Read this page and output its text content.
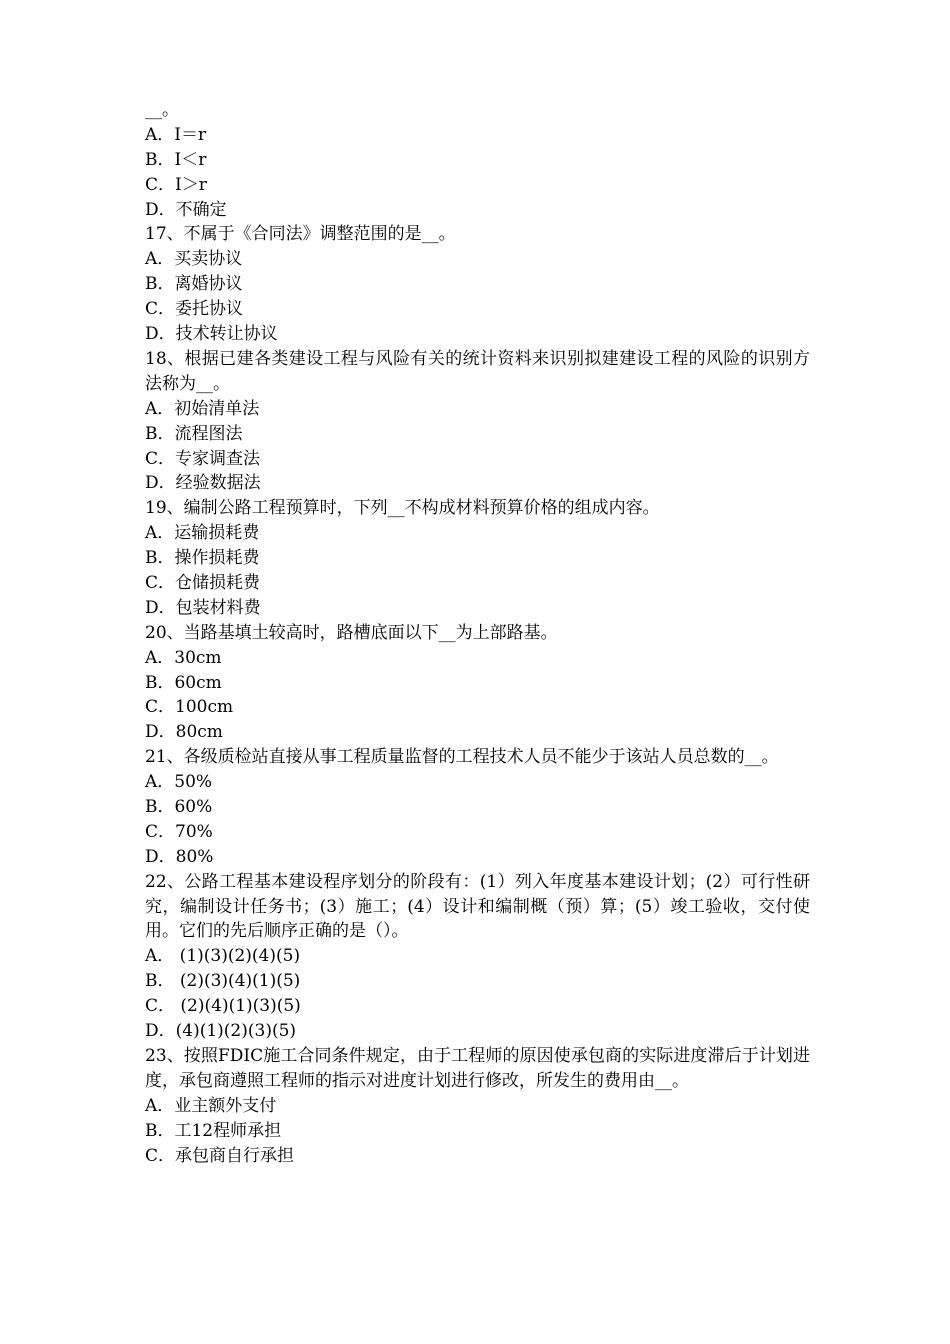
__。
A．I＝r
B．I＜r
C．I＞r
D．不确定
17、不属于《合同法》调整范围的是__。
A．买卖协议
B．离婚协议
C．委托协议
D．技术转让协议
18、根据已建各类建设工程与风险有关的统计资料来识别拟建建设工程的风险的识别方法称为__。
A．初始清单法
B．流程图法
C．专家调查法
D．经验数据法
19、编制公路工程预算时，下列__不构成材料预算价格的组成内容。
A．运输损耗费
B．操作损耗费
C．仓储损耗费
D．包装材料费
20、当路基填土较高时，路槽底面以下__为上部路基。
A．30cm
B．60cm
C．100cm
D．80cm
21、各级质检站直接从事工程质量监督的工程技术人员不能少于该站人员总数的__。
A．50%
B．60%
C．70%
D．80%
22、公路工程基本建设程序划分的阶段有：(1）列入年度基本建设计划；(2）可行性研究，编制设计任务书；(3）施工；(4）设计和编制概（预）算；(5）竣工验收，交付使用。它们的先后顺序正确的是（）。
A． (1)(3)(2)(4)(5)
B． (2)(3)(4)(1)(5)
C． (2)(4)(1)(3)(5)
D．(4)(1)(2)(3)(5)
23、按照FDIC施工合同条件规定，由于工程师的原因使承包商的实际进度滞后于计划进度，承包商遵照工程师的指示对进度计划进行修改，所发生的费用由__。
A．业主额外支付
B．工12程师承担
C．承包商自行承担
